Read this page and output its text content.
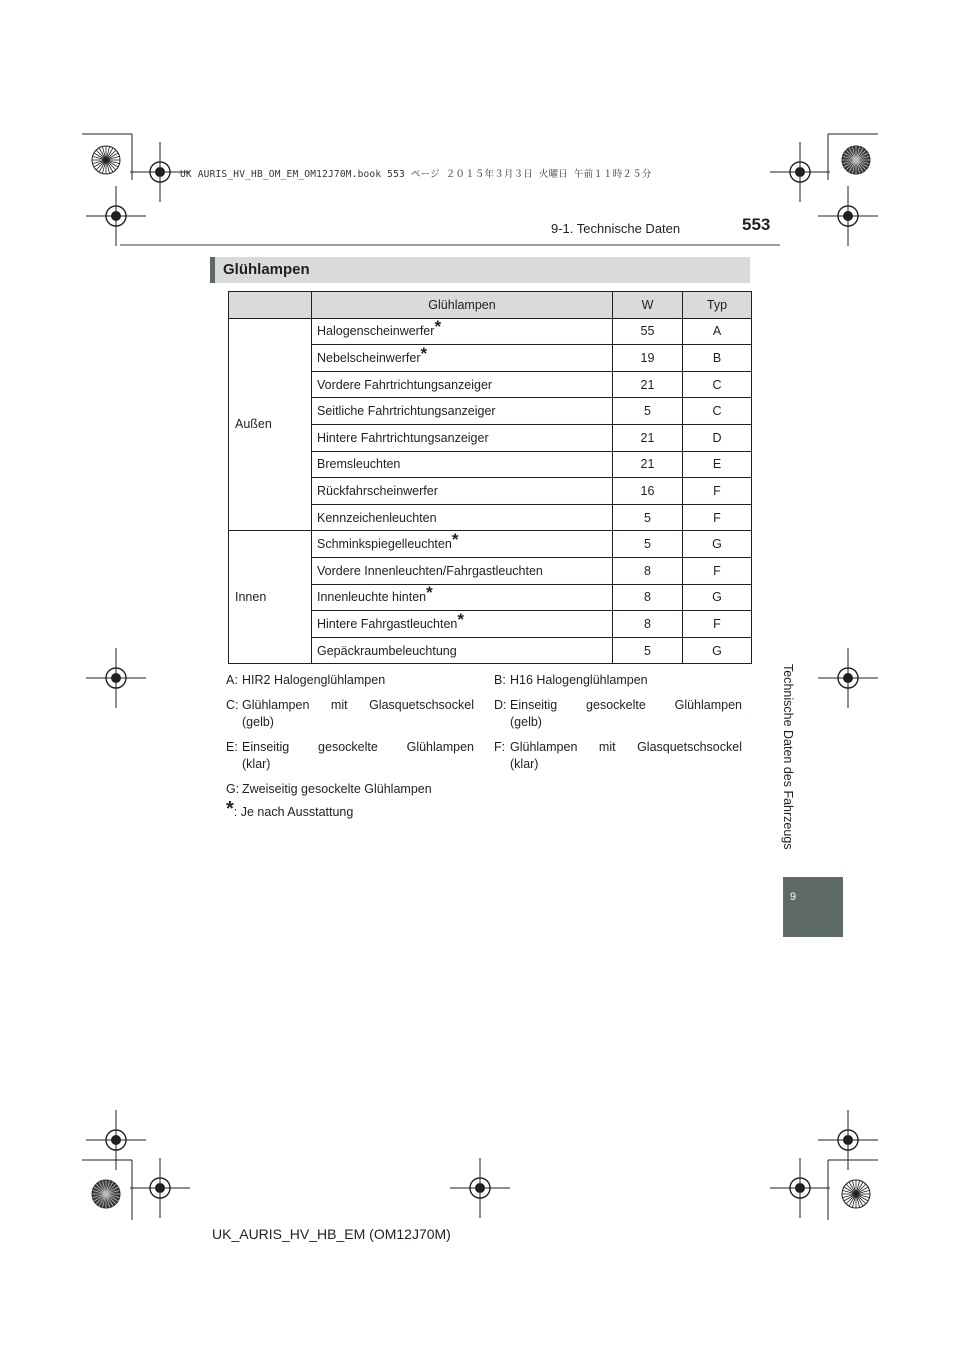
UK AURIS_HV_HB_OM_EM_OM12J70M.book 553 ページ ２０１５年３月３日 火曜日 午前１１時２５分
9-1. Technische Daten	553
Technische Daten des Fahrzeugs
9
Glühlampen
	Glühlampen	W	Typ
Außen	Halogenscheinwerfer*	55	A
	Nebelscheinwerfer*	19	B
	Vordere Fahrtrichtungsanzeiger	21	C
	Seitliche Fahrtrichtungsanzeiger	5	C
	Hintere Fahrtrichtungsanzeiger	21	D
	Bremsleuchten	21	E
	Rückfahrscheinwerfer	16	F
	Kennzeichenleuchten	5	F
Innen	Schminkspiegelleuchten*	5	G
	Vordere Innenleuchten/Fahrgastleuchten	8	F
	Innenleuchte hinten*	8	G
	Hintere Fahrgastleuchten*	8	F
	Gepäckraumbeleuchtung	5	G
A: HIR2 Halogenglühlampen	B: H16 Halogenglühlampen
C: Glühlampen mit Glasquetschsockel
(gelb)
D: Einseitig gesockelte Glühlampen
(gelb)
E: Einseitig gesockelte Glühlampen
(klar)
F: Glühlampen mit Glasquetschsockel
(klar)
G: Zweiseitig gesockelte Glühlampen
*: Je nach Ausstattung
UK_AURIS_HV_HB_EM (OM12J70M)
